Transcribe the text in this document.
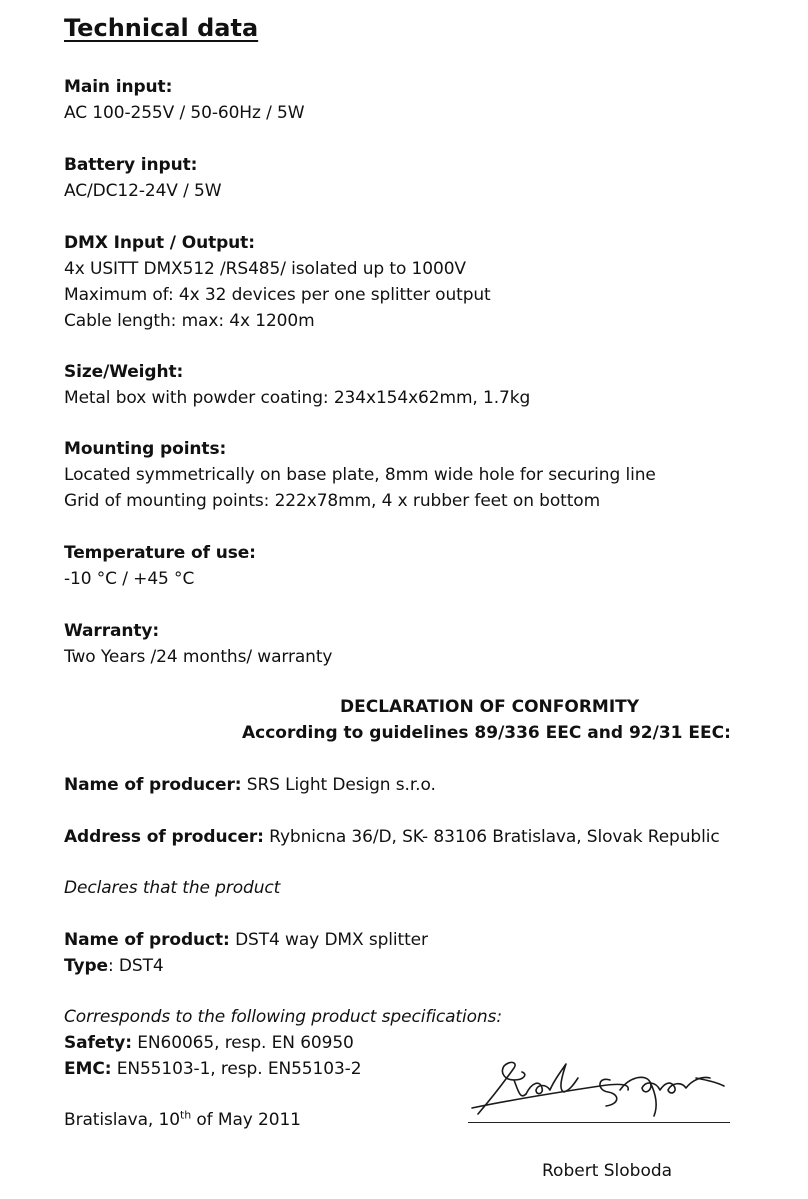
Technical data
Main input:
AC 100-255V / 50-60Hz / 5W
Battery input:
AC/DC12-24V / 5W
DMX Input / Output:
4x USITT DMX512 /RS485/ isolated up to 1000V
Maximum of: 4x 32 devices per one splitter output
Cable length: max: 4x 1200m
Size/Weight:
Metal box with powder coating: 234x154x62mm, 1.7kg
Mounting points:
Located symmetrically on base plate, 8mm wide hole for securing line
Grid of mounting points: 222x78mm, 4 x rubber feet on bottom
Temperature of use:
-10 °C / +45 °C
Warranty:
Two Years /24 months/ warranty
DECLARATION OF CONFORMITY
According to guidelines 89/336 EEC and 92/31 EEC:
Name of producer: SRS Light Design s.r.o.
Address of producer: Rybnicna 36/D, SK- 83106 Bratislava, Slovak Republic
Declares that the product
Name of product: DST4 way DMX splitter
Type: DST4
Corresponds to the following product specifications:
Safety: EN60065, resp. EN 60950
EMC: EN55103-1, resp. EN55103-2
Bratislava, 10th of May 2011
Robert Sloboda
